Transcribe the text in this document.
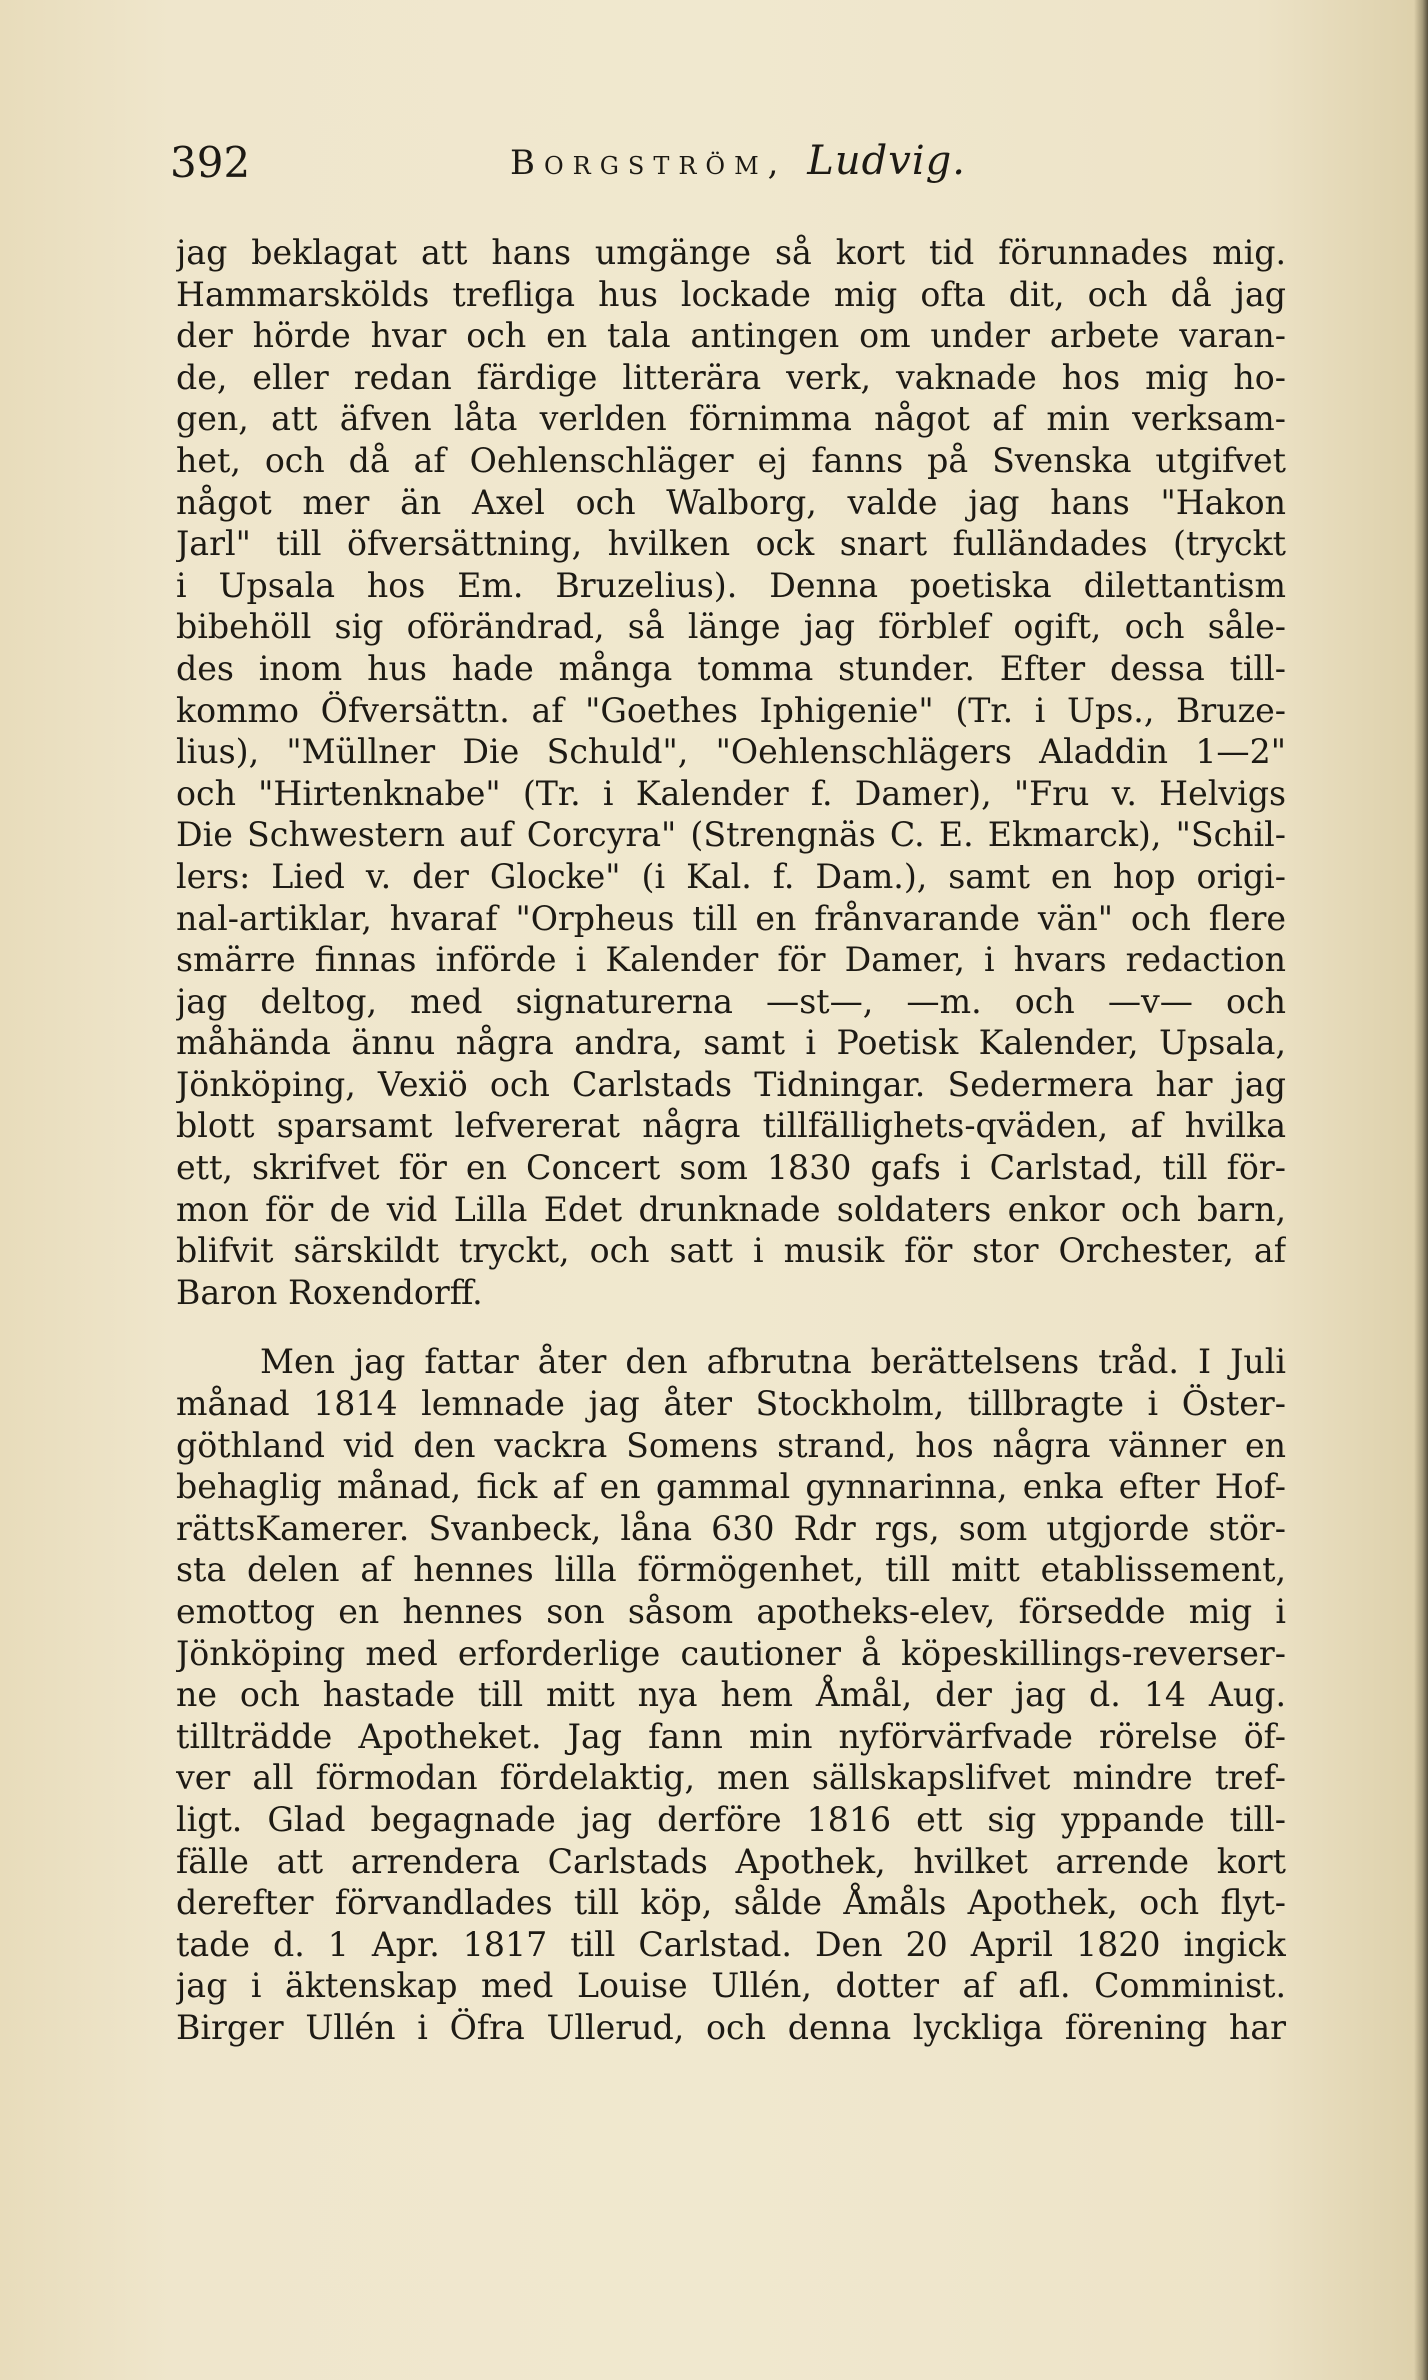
392	Borgström, Ludvig.
jag beklagat att hans umgänge så kort tid förunnades mig.
Hammarskölds trefliga hus lockade mig ofta dit, och då jag
der hörde hvar och en tala antingen om under arbete varan-
de, eller redan färdige litterära verk, vaknade hos mig ho-
gen, att äfven låta verlden förnimma något af min verksam-
het, och då af Oehlenschläger ej fanns på Svenska utgifvet
något mer än Axel och Walborg, valde jag hans "Hakon
Jarl" till öfversättning, hvilken ock snart fulländades (tryckt
i Upsala hos Em. Bruzelius). Denna poetiska dilettantism
bibehöll sig oförändrad, så länge jag förblef ogift, och såle-
des inom hus hade många tomma stunder. Efter dessa till-
kommo Öfversättn. af "Goethes Iphigenie" (Tr. i Ups., Bruze-
lius), "Müllner Die Schuld", "Oehlenschlägers Aladdin 1—2"
och "Hirtenknabe" (Tr. i Kalender f. Damer), "Fru v. Helvigs
Die Schwestern auf Corcyra" (Strengnäs C. E. Ekmarck), "Schil-
lers: Lied v. der Glocke" (i Kal. f. Dam.), samt en hop origi-
nal-artiklar, hvaraf "Orpheus till en frånvarande vän" och flere
smärre finnas införde i Kalender för Damer, i hvars redaction
jag deltog, med signaturerna —st—, —m. och —v— och
måhända ännu några andra, samt i Poetisk Kalender, Upsala,
Jönköping, Vexiö och Carlstads Tidningar. Sedermera har jag
blott sparsamt lefvererat några tillfällighets-qväden, af hvilka
ett, skrifvet för en Concert som 1830 gafs i Carlstad, till för-
mon för de vid Lilla Edet drunknade soldaters enkor och barn,
blifvit särskildt tryckt, och satt i musik för stor Orchester, af
Baron Roxendorff.
Men jag fattar åter den afbrutna berättelsens tråd. I Juli
månad 1814 lemnade jag åter Stockholm, tillbragte i Öster-
göthland vid den vackra Somens strand, hos några vänner en
behaglig månad, fick af en gammal gynnarinna, enka efter Hof-
rättsKamerer. Svanbeck, låna 630 Rdr rgs, som utgjorde stör-
sta delen af hennes lilla förmögenhet, till mitt etablissement,
emottog en hennes son såsom apotheks-elev, försedde mig i
Jönköping med erforderlige cautioner å köpeskillings-reverser-
ne och hastade till mitt nya hem Åmål, der jag d. 14 Aug.
tillträdde Apotheket. Jag fann min nyförvärfvade rörelse öf-
ver all förmodan fördelaktig, men sällskapslifvet mindre tref-
ligt. Glad begagnade jag derföre 1816 ett sig yppande till-
fälle att arrendera Carlstads Apothek, hvilket arrende kort
derefter förvandlades till köp, sålde Åmåls Apothek, och flyt-
tade d. 1 Apr. 1817 till Carlstad. Den 20 April 1820 ingick
jag i äktenskap med Louise Ullén, dotter af afl. Comminist.
Birger Ullén i Öfra Ullerud, och denna lyckliga förening har
